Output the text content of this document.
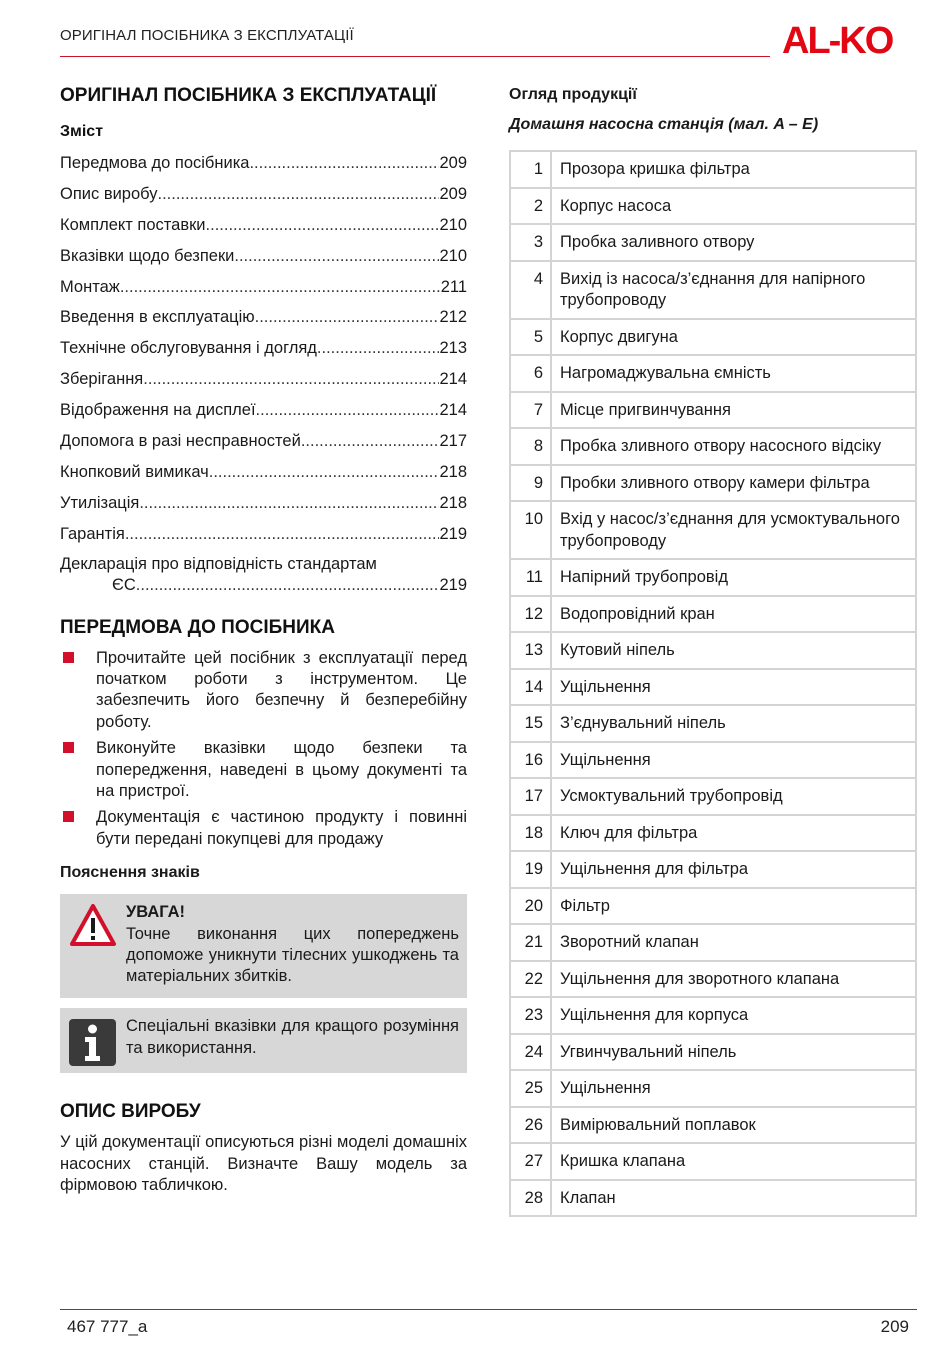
ОРИГІНАЛ ПОСІБНИКА З ЕКСПЛУАТАЦІЇ	AL-KO
ОРИГІНАЛ ПОСІБНИКА З ЕКСПЛУАТАЦІЇ
Зміст
Передмова до посібника .....	209
Опис виробу .....	209
Комплект поставки .....	210
Вказівки щодо безпеки .....	210
Монтаж .....	211
Введення в експлуатацію .....	212
Технічне обслуговування і догляд .....	213
Зберігання .....	214
Відображення на дисплеї .....	214
Допомога в разі несправностей .....	217
Кнопковий вимикач .....	218
Утилізація .....	218
Гарантія .....	219
Декларація про відповідність стандартам
ЄС .....	219
ПЕРЕДМОВА ДО ПОСІБНИКА
Прочитайте цей посібник з експлуатації перед початком роботи з інструментом. Це забезпечить його безпечну й безперебійну роботу.
Виконуйте вказівки щодо безпеки та попередження, наведені в цьому документі та на пристрої.
Документація є частиною продукту і повинні бути передані покупцеві для продажу
Пояснення знаків
УВАГА!
Точне виконання цих попереджень допоможе уникнути тілесних ушкоджень та матеріальних збитків.
Спеціальні вказівки для кращого розуміння та використання.
ОПИС ВИРОБУ
У цій документації описуються різні моделі домашніх насосних станцій. Визначте Вашу модель за фірмовою табличкою.
Огляд продукції
Домашня насосна станція (мал. A – E)
1	Прозора кришка фільтра
2	Корпус насоса
3	Пробка заливного отвору
4	Вихід із насоса/з’єднання для напірного трубопроводу
5	Корпус двигуна
6	Нагромаджувальна ємність
7	Місце пригвинчування
8	Пробка зливного отвору насосного відсіку
9	Пробки зливного отвору камери фільтра
10	Вхід у насос/з’єднання для усмоктувального трубопроводу
11	Напірний трубопровід
12	Водопровідний кран
13	Кутовий ніпель
14	Ущільнення
15	З’єднувальний ніпель
16	Ущільнення
17	Усмоктувальний трубопровід
18	Ключ для фільтра
19	Ущільнення для фільтра
20	Фільтр
21	Зворотний клапан
22	Ущільнення для зворотного клапана
23	Ущільнення для корпуса
24	Угвинчувальний ніпель
25	Ущільнення
26	Вимірювальний поплавок
27	Кришка клапана
28	Клапан
467 777_a	209
